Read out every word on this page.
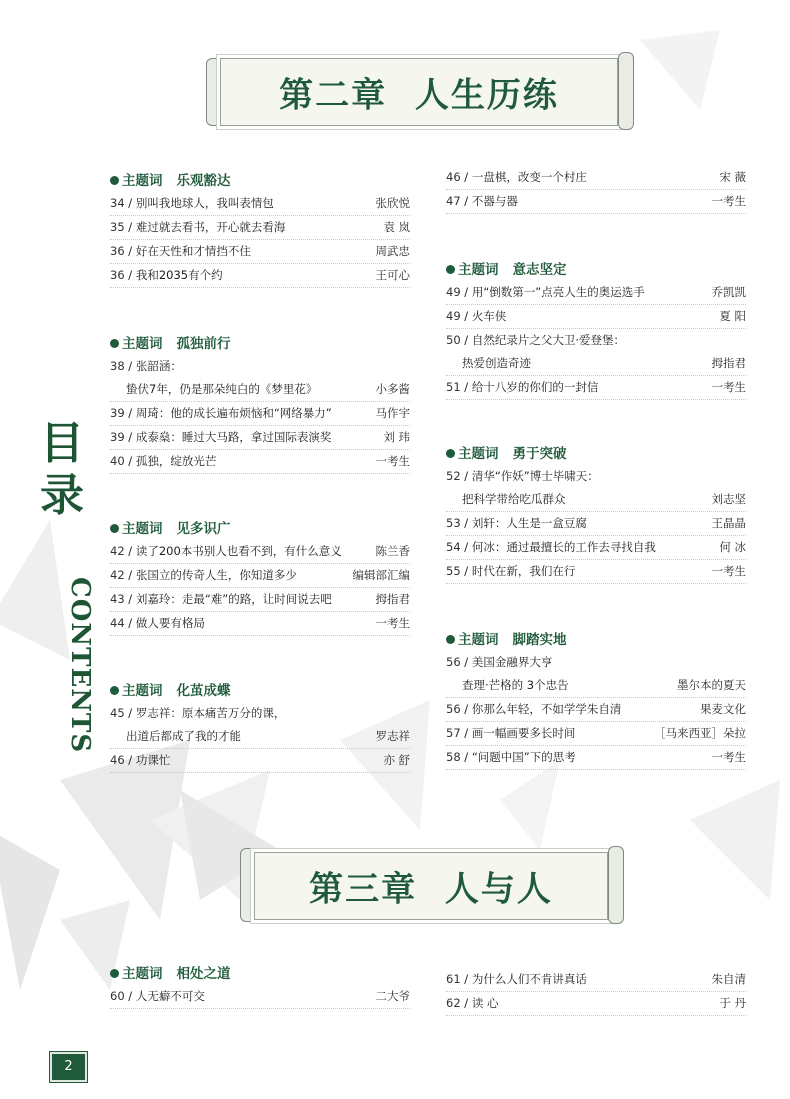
第二章  人生历练
目录
CONTENTS
主题词 乐观豁达
34 / 别叫我地球人，我叫表情包	张欣悦
35 / 难过就去看书，开心就去看海	袁 岚
36 / 好在天性和才情挡不住	周武忠
36 / 我和2035有个约	王可心
主题词 孤独前行
38 / 张韶涵：
蛰伏7年，仍是那朵纯白的《梦里花》	小多酱
39 / 周琦：他的成长遍布烦恼和“网络暴力”	马作宇
39 / 成泰燊：睡过大马路，拿过国际表演奖	刘 玮
40 / 孤独，绽放光芒	一考生
主题词 见多识广
42 / 读了200本书别人也看不到，有什么意义	陈兰香
42 / 张国立的传奇人生，你知道多少	编辑部汇编
43 / 刘嘉玲：走最“难”的路，让时间说去吧	拇指君
44 / 做人要有格局	一考生
主题词 化茧成蝶
45 / 罗志祥：原本痛苦万分的课，
出道后都成了我的才能	罗志祥
46 / 功课忙	亦 舒
46 / 一盘棋，改变一个村庄	宋 薇
47 / 不器与器	一考生
主题词 意志坚定
49 / 用“倒数第一”点亮人生的奥运选手	乔凯凯
49 / 火车侠	夏 阳
50 / 自然纪录片之父大卫·爱登堡：
热爱创造奇迹	拇指君
51 / 给十八岁的你们的一封信	一考生
主题词 勇于突破
52 / 清华“作妖”博士毕啸天：
把科学带给吃瓜群众	刘志坚
53 / 刘轩：人生是一盒豆腐	王晶晶
54 / 何冰：通过最擅长的工作去寻找自我	何 冰
55 / 时代在新，我们在行	一考生
主题词 脚踏实地
56 / 美国金融界大亨
查理·芒格的 3个忠告	墨尔本的夏天
56 / 你那么年轻，不如学学朱自清	果麦文化
57 / 画一幅画要多长时间	［马来西亚］朵拉
58 / “问题中国”下的思考	一考生
第三章  人与人
主题词 相处之道
60 / 人无癖不可交	二大爷
61 / 为什么人们不肯讲真话	朱自清
62 / 读 心	于 丹
2
